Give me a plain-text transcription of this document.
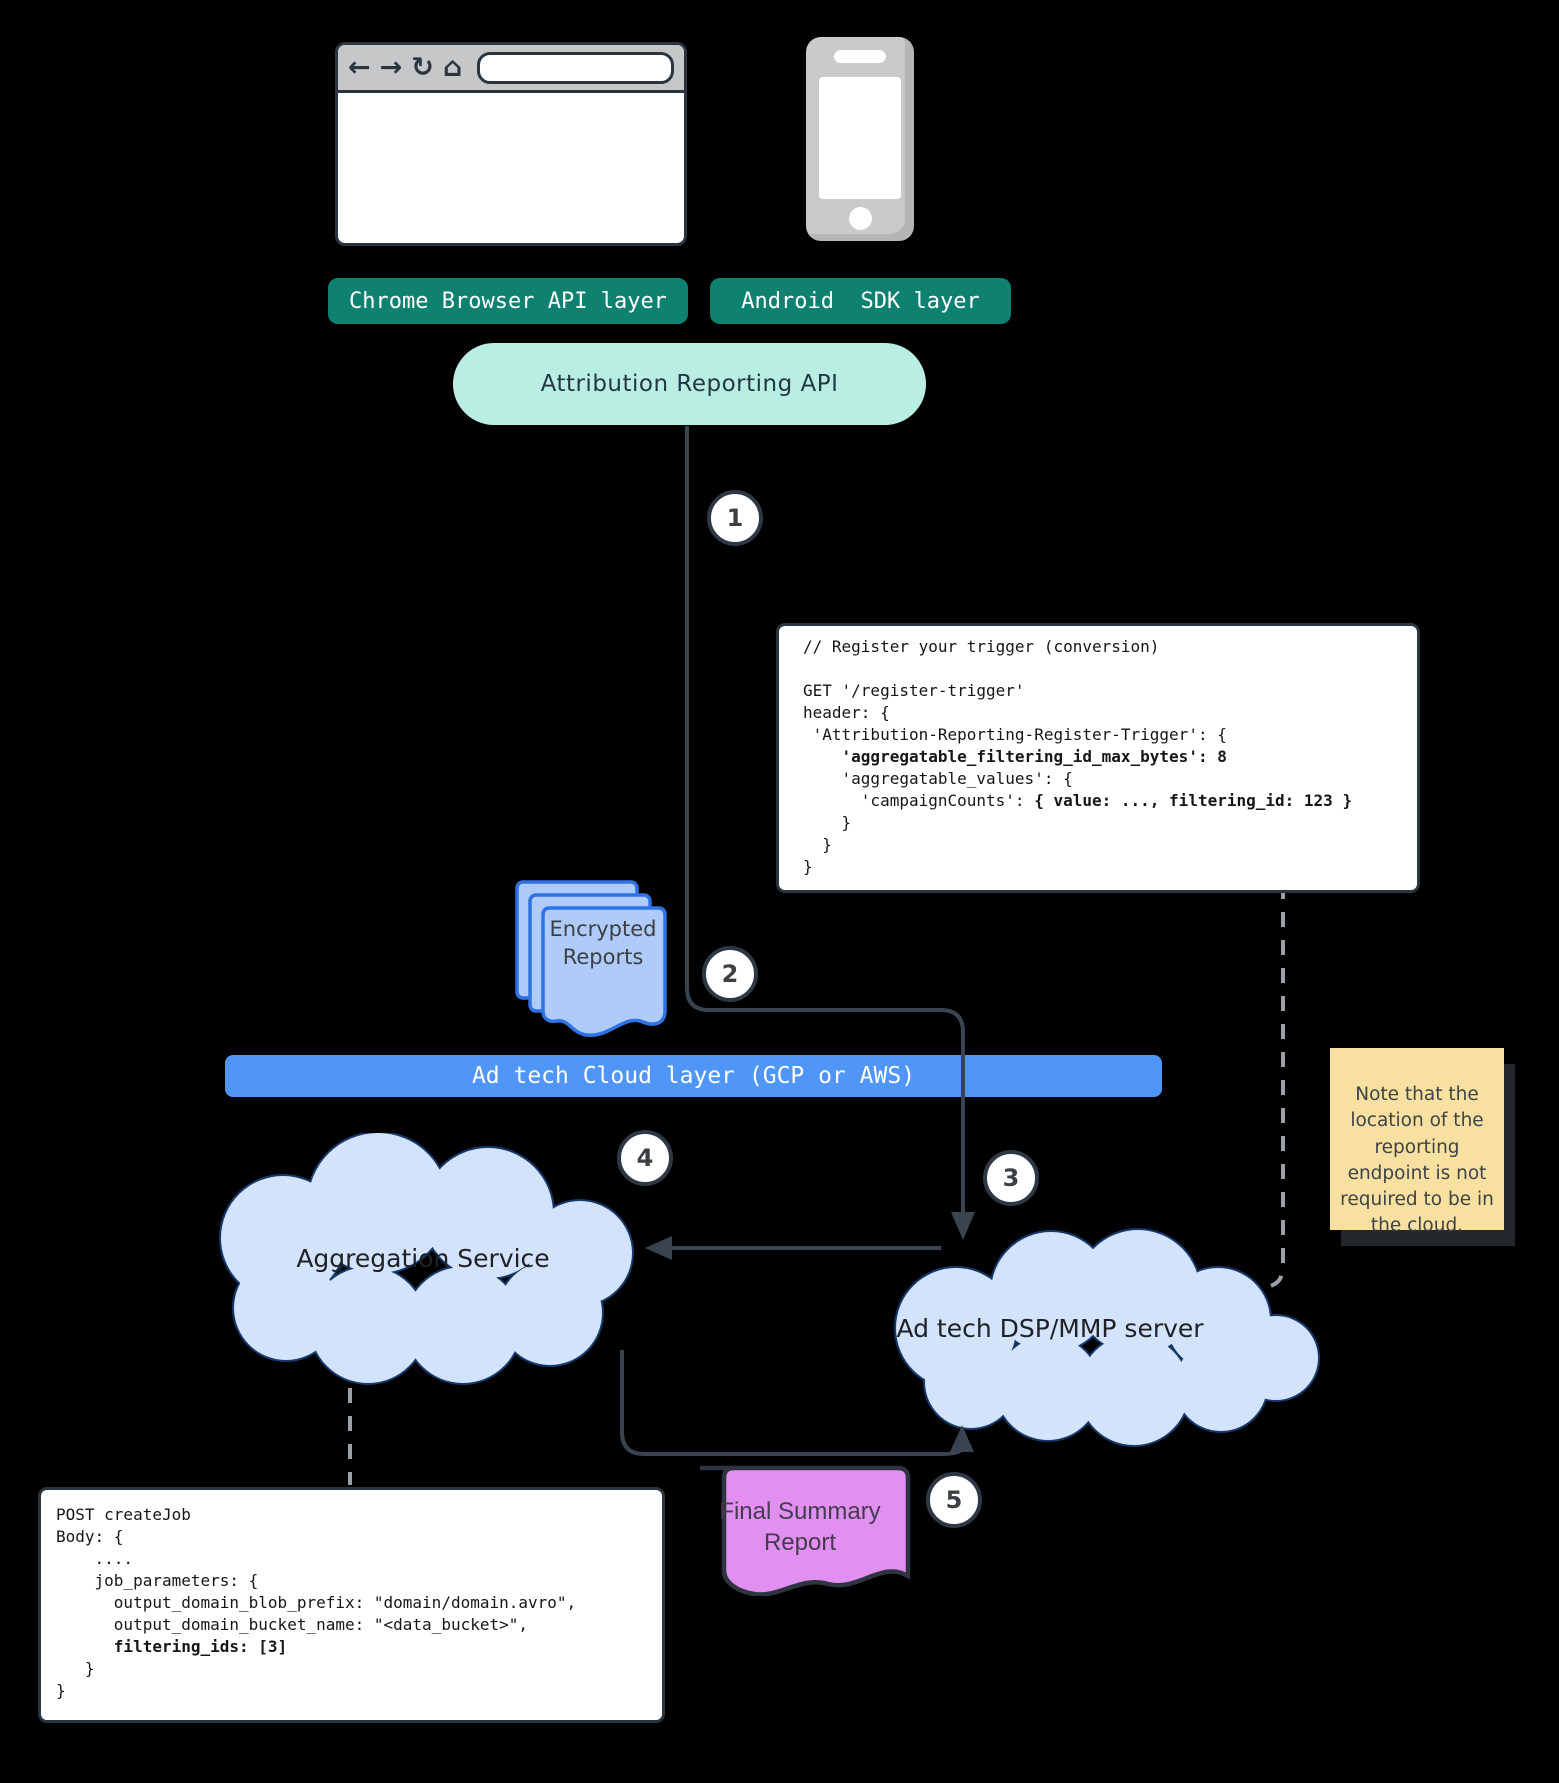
Ad tech Cloud layer (GCP or AWS)
← → ↻ ⌂
Chrome Browser API layer	Android  SDK layer
Attribution Reporting API
// Register your trigger (conversion)

GET '/register-trigger'
header: {
'Attribution-Reporting-Register-Trigger': {
'aggregatable_filtering_id_max_bytes': 8
'aggregatable_values': {
'campaignCounts': { value: ..., filtering_id: 123 }
}
}
}
Encrypted Reports
Aggregation Service
Ad tech DSP/MMP server
Note that the location of the reporting endpoint is not required to be in the cloud.
Final Summary Report
POST createJob
Body: {
....
job_parameters: {
output_domain_blob_prefix: "domain/domain.avro",
output_domain_bucket_name: "<data_bucket>",
filtering_ids: [3]
}
}
1
2
3
4
5
